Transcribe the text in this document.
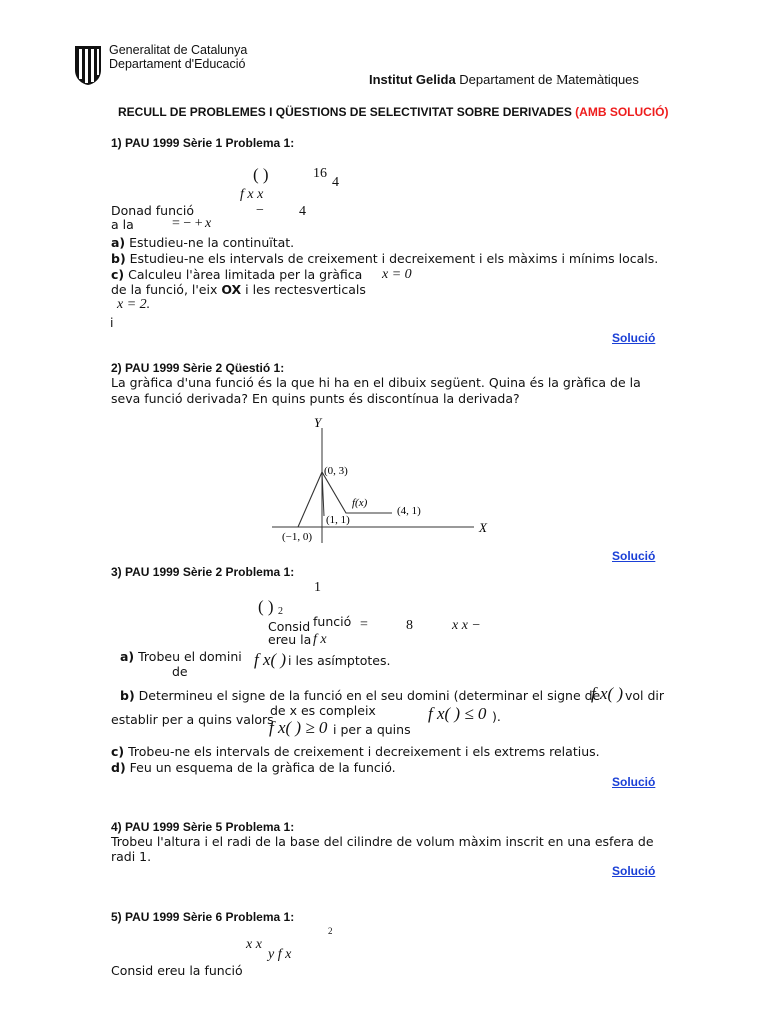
Generalitat de Catalunya
Departament d'Educació
Institut Gelida Departament de Matemàtiques
RECULL DE PROBLEMES I QÜESTIONS DE SELECTIVITAT SOBRE DERIVADES (AMB SOLUCIÓ)
1) PAU 1999 Sèrie 1 Problema 1:
( )	16
4
f x x
Donad funció	−	4
a la	= − + x
a) Estudieu-ne la continuïtat.
b) Estudieu-ne els intervals de creixement i decreixement i els màxims i mínims locals.
c) Calculeu l'àrea limitada per la gràfica x = 0
de la funció, l'eix OX i les rectesverticals
x = 2.
i
Solució
2) PAU 1999 Sèrie 2 Qüestió 1:
La gràfica d'una funció és la que hi ha en el dibuix següent. Quina és la gràfica de la
seva funció derivada? En quins punts és discontínua la derivada?
Y
X
(0, 3)
f(x)
(4, 1)
(1, 1)
(−1, 0)
Solució
3) PAU 1999 Sèrie 2 Problema 1:
1
( ) 2
Consid funció =	8	x x −
ereu la f x
a) Trobeu el domini
de
f x( ) i les asímptotes.
b) Determineu el signe de la funció en el seu domini (determinar el signe de
f x( ) vol dir
de x es compleix
establir per a quins valors
f x( ) ≥ 0 i per a quins
f x( ) ≤ 0 ).
c) Trobeu-ne els intervals de creixement i decreixement i els extrems relatius.
d) Feu un esquema de la gràfica de la funció.
Solució
4) PAU 1999 Sèrie 5 Problema 1:
Trobeu l'altura i el radi de la base del cilindre de volum màxim inscrit en una esfera de
radi 1.
Solució
5) PAU 1999 Sèrie 6 Problema 1:
2
x x
y f x
Consid ereu la funció
